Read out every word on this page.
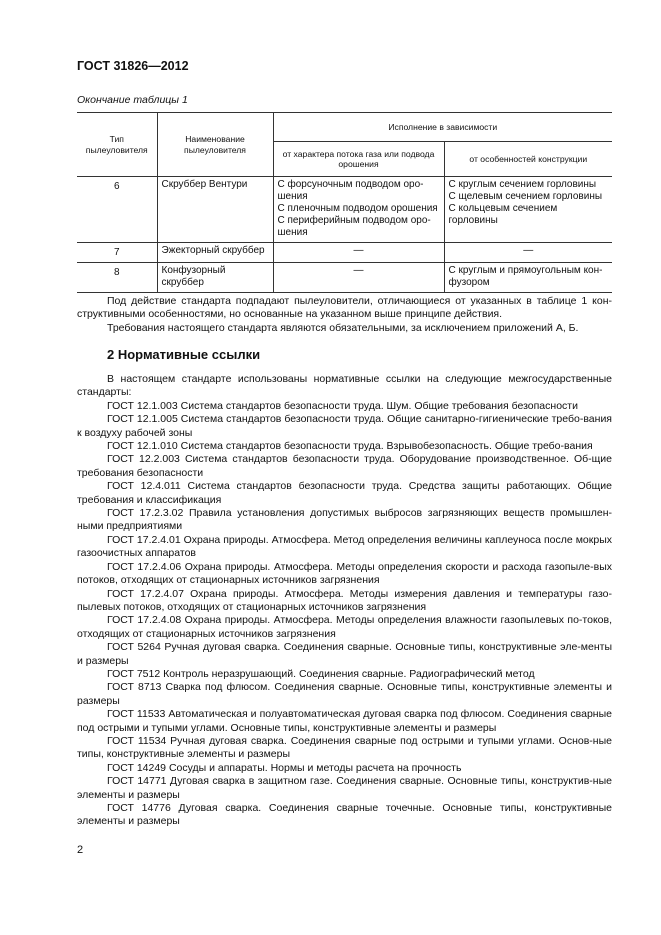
ГОСТ 31826—2012

Окончание таблицы 1

Тип пылеуловителя	Наименование пылеуловителя	Исполнение в зависимости	
		от характера потока газа или подвода орошения	от особенностей конструкции
6	Скруббер Вентури	С форсуночным подводом оро-
шения
С пленочным подводом орошения
С периферийным подводом оро-
шения	С круглым сечением горловины
С щелевым сечением горловины
С кольцевым сечением горловины

7	Эжекторный скруббер	—	—
8	Конфузорный скруббер	—	С круглым и прямоугольным кон-
фузором

Под действие стандарта подпадают пылеуловители, отличающиеся от указанных в таблице 1 кон-структивными особенностями, но основанные на указанном выше принципе действия.

Требования настоящего стандарта являются обязательными, за исключением приложений А, Б.

2 Нормативные ссылки

В настоящем стандарте использованы нормативные ссылки на следующие межгосударственные стандарты:

ГОСТ 12.1.003 Система стандартов безопасности труда. Шум. Общие требования безопасности
ГОСТ 12.1.005 Система стандартов безопасности труда. Общие санитарно-гигиенические требо-вания к воздуху рабочей зоны
ГОСТ 12.1.010 Система стандартов безопасности труда. Взрывобезопасность. Общие требо-вания
ГОСТ 12.2.003 Система стандартов безопасности труда. Оборудование производственное. Об-щие требования безопасности
ГОСТ 12.4.011 Система стандартов безопасности труда. Средства защиты работающих. Общие требования и классификация
ГОСТ 17.2.3.02 Правила установления допустимых выбросов загрязняющих веществ промышлен-ными предприятиями
ГОСТ 17.2.4.01 Охрана природы. Атмосфера. Метод определения величины каплеуноса после мокрых газоочистных аппаратов
ГОСТ 17.2.4.06 Охрана природы. Атмосфера. Методы определения скорости и расхода газопыле-вых потоков, отходящих от стационарных источников загрязнения
ГОСТ 17.2.4.07 Охрана природы. Атмосфера. Методы измерения давления и температуры газо-пылевых потоков, отходящих от стационарных источников загрязнения
ГОСТ 17.2.4.08 Охрана природы. Атмосфера. Методы определения влажности газопылевых по-токов, отходящих от стационарных источников загрязнения
ГОСТ 5264 Ручная дуговая сварка. Соединения сварные. Основные типы, конструктивные эле-менты и размеры
ГОСТ 7512 Контроль неразрушающий. Соединения сварные. Радиографический метод
ГОСТ 8713 Сварка под флюсом. Соединения сварные. Основные типы, конструктивные элементы и размеры
ГОСТ 11533 Автоматическая и полуавтоматическая дуговая сварка под флюсом. Соединения сварные под острыми и тупыми углами. Основные типы, конструктивные элементы и размеры
ГОСТ 11534 Ручная дуговая сварка. Соединения сварные под острыми и тупыми углами. Основ-ные типы, конструктивные элементы и размеры
ГОСТ 14249 Сосуды и аппараты. Нормы и методы расчета на прочность
ГОСТ 14771 Дуговая сварка в защитном газе. Соединения сварные. Основные типы, конструктив-ные элементы и размеры
ГОСТ 14776 Дуговая сварка. Соединения сварные точечные. Основные типы, конструктивные элементы и размеры

2
